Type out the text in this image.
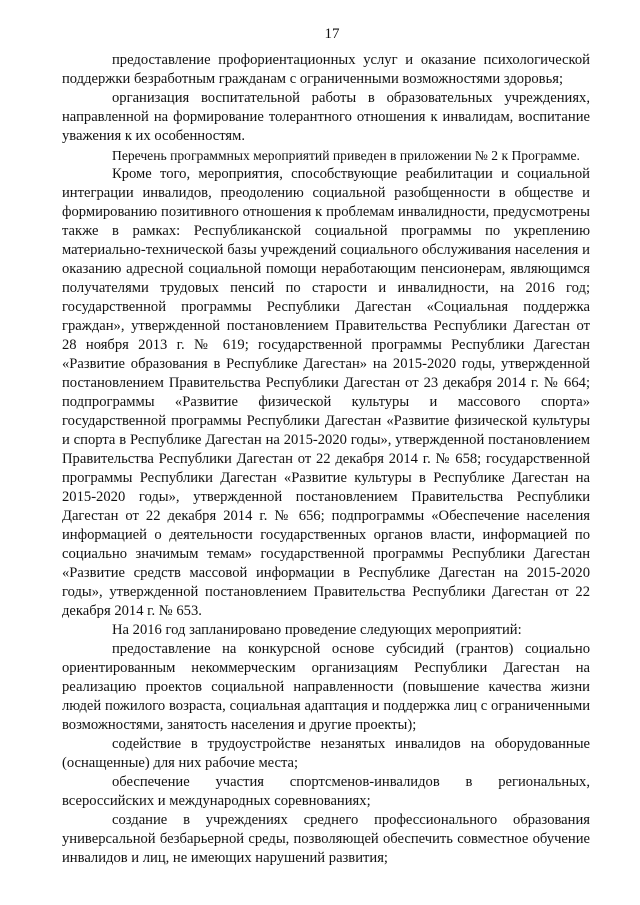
17

предоставление профориентационных услуг и оказание психологической поддержки безработным гражданам с ограниченными возможностями здоровья;

организация воспитательной работы в образовательных учреждениях, направленной на формирование толерантного отношения к инвалидам, воспитание уважения к их особенностям.

Перечень программных мероприятий приведен в приложении № 2 к Программе.

Кроме того, мероприятия, способствующие реабилитации и социальной интеграции инвалидов, преодолению социальной разобщенности в обществе и формированию позитивного отношения к проблемам инвалидности, предусмотрены также в рамках: Республиканской социальной программы по укреплению материально-технической базы учреждений социального обслуживания населения и оказанию адресной социальной помощи неработающим пенсионерам, являющимся получателями трудовых пенсий по старости и инвалидности, на 2016 год; государственной программы Республики Дагестан «Социальная поддержка граждан», утвержденной постановлением Правительства Республики Дагестан от 28 ноября 2013 г. № 619; государственной программы Республики Дагестан «Развитие образования в Республике Дагестан» на 2015-2020 годы, утвержденной постановлением Правительства Республики Дагестан от 23 декабря 2014 г. № 664; подпрограммы «Развитие физической культуры и массового спорта» государственной программы Республики Дагестан «Развитие физической культуры и спорта в Республике Дагестан на 2015-2020 годы», утвержденной постановлением Правительства Республики Дагестан от 22 декабря 2014 г. № 658; государственной программы Республики Дагестан «Развитие культуры в Республике Дагестан на 2015-2020 годы», утвержденной постановлением Правительства Республики Дагестан от 22 декабря 2014 г. № 656; подпрограммы «Обеспечение населения информацией о деятельности государственных органов власти, информацией по социально значимым темам» государственной программы Республики Дагестан «Развитие средств массовой информации в Республике Дагестан на 2015-2020 годы», утвержденной постановлением Правительства Республики Дагестан от 22 декабря 2014 г. № 653.

На 2016 год запланировано проведение следующих мероприятий:

предоставление на конкурсной основе субсидий (грантов) социально ориентированным некоммерческим организациям Республики Дагестан на реализацию проектов социальной направленности (повышение качества жизни людей пожилого возраста, социальная адаптация и поддержка лиц с ограниченными возможностями, занятость населения и другие проекты);

содействие в трудоустройстве незанятых инвалидов на оборудованные (оснащенные) для них рабочие места;

обеспечение участия спортсменов-инвалидов в региональных, всероссийских и международных соревнованиях;

создание в учреждениях среднего профессионального образования универсальной безбарьерной среды, позволяющей обеспечить совместное обучение инвалидов и лиц, не имеющих нарушений развития;
